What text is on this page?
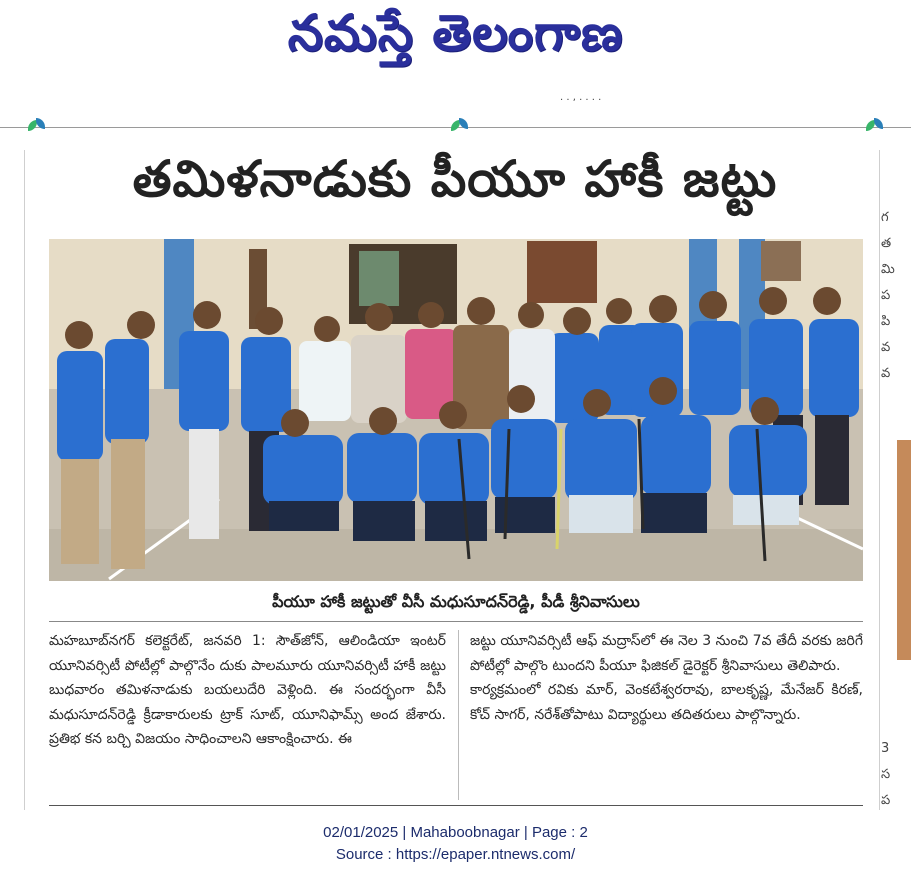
నమస్తే తెలంగాణ
. . , . . . .
తమిళనాడుకు పీయూ హాకీ జట్టు
పీయూ హాకీ జట్టుతో వీసీ మధుసూదన్‌రెడ్డి, పీడీ శ్రీనివాసులు

మహబూబ్‌నగర్ కలెక్టరేట్, జనవరి 1: సౌత్‌జోన్, ఆలిండియా ఇంటర్ యూనివర్సిటీ పోటీల్లో పాల్గొనేం దుకు పాలమూరు యూనివర్సిటీ హాకీ జట్టు బుధవారం తమిళనాడుకు బయలుదేరి వెళ్లింది. ఈ సందర్భంగా వీసీ మధుసూదన్‌రెడ్డి క్రీడాకారులకు ట్రాక్ సూట్, యూనిఫామ్స్ అంద జేశారు. ప్రతిభ కన బర్చి విజయం సాధించాలని ఆకాంక్షించారు. ఈ

జట్టు యూనివర్సిటీ ఆఫ్ మద్రాస్‌లో ఈ నెల 3 నుంచి 7వ తేదీ వరకు జరిగే పోటీల్లో పాల్గొం టుందని పీయూ ఫిజికల్ డైరెక్టర్ శ్రీనివాసులు తెలిపారు.

కార్యక్రమంలో రవికు మార్, వెంకటేశ్వరరావు, బాలకృష్ణ, మేనేజర్ కిరణ్, కోచ్ సాగర్, నరేశ్‌తోపాటు విద్యార్థులు తదితరులు పాల్గొన్నారు.

గ
త
మి
ప
పి
వ
వ
3
స
ప
02/01/2025 | Mahaboobnagar | Page : 2
Source : https://epaper.ntnews.com/
